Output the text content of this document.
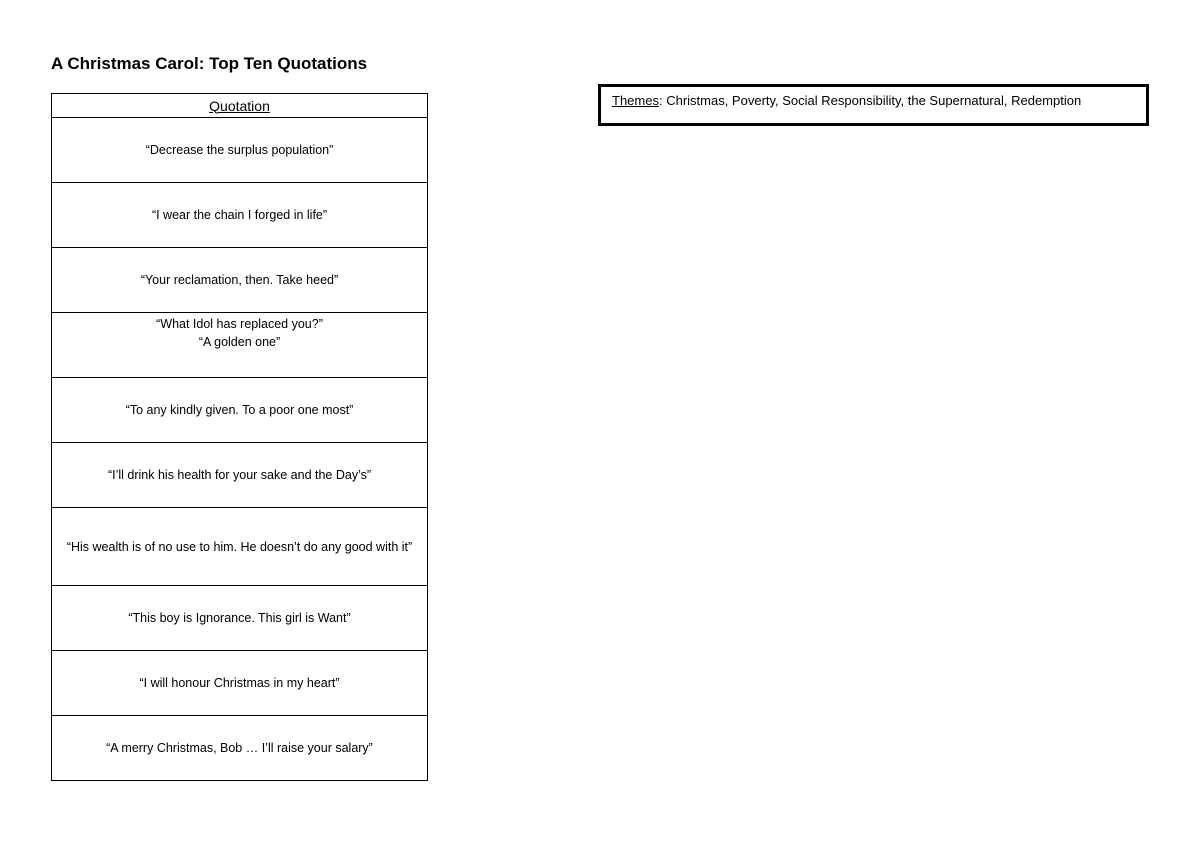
A Christmas Carol: Top Ten Quotations
Quotation

“Decrease the surplus population”

“I wear the chain I forged in life”

“Your reclamation, then. Take heed”

“What Idol has replaced you?”
“A golden one”

“To any kindly given. To a poor one most”

“I’ll drink his health for your sake and the Day’s”

“His wealth is of no use to him. He doesn’t do any good with it”

“This boy is Ignorance. This girl is Want”

“I will honour Christmas in my heart”

“A merry Christmas, Bob … I’ll raise your salary”
Themes: Christmas, Poverty, Social Responsibility, the Supernatural, Redemption
